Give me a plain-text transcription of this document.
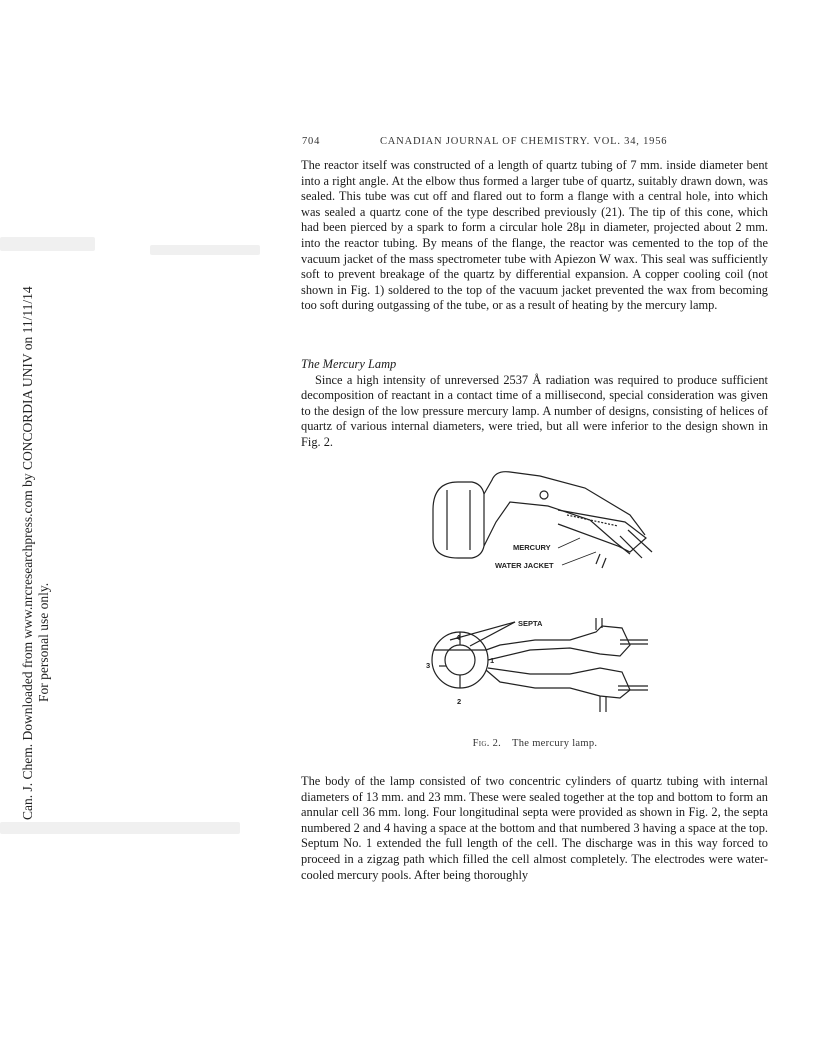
Can. J. Chem. Downloaded from www.nrcresearchpress.com by CONCORDIA UNIV on 11/11/14 For personal use only.
704	CANADIAN JOURNAL OF CHEMISTRY. VOL. 34, 1956

The reactor itself was constructed of a length of quartz tubing of 7 mm. inside diameter bent into a right angle. At the elbow thus formed a larger tube of quartz, suitably drawn down, was sealed. This tube was cut off and flared out to form a flange with a central hole, into which was sealed a quartz cone of the type described previously (21). The tip of this cone, which had been pierced by a spark to form a circular hole 28μ in diameter, projected about 2 mm. into the reactor tubing. By means of the flange, the reactor was cemented to the top of the vacuum jacket of the mass spectrometer tube with Apiezon W wax. This seal was sufficiently soft to prevent breakage of the quartz by differential expansion. A copper cooling coil (not shown in Fig. 1) soldered to the top of the vacuum jacket prevented the wax from becoming too soft during outgassing of the tube, or as a result of heating by the mercury lamp.

The Mercury Lamp

Since a high intensity of unreversed 2537 Å radiation was required to produce sufficient decomposition of reactant in a contact time of a millisecond, special consideration was given to the design of the low pressure mercury lamp. A number of designs, consisting of helices of quartz of various internal diameters, were tried, but all were inferior to the design shown in Fig. 2.

MERCURY
WATER JACKET
SEPTA
4
3
1
2
Fig. 2. The mercury lamp.

The body of the lamp consisted of two concentric cylinders of quartz tubing with internal diameters of 13 mm. and 23 mm. These were sealed together at the top and bottom to form an annular cell 36 mm. long. Four longitudinal septa were provided as shown in Fig. 2, the septa numbered 2 and 4 having a space at the bottom and that numbered 3 having a space at the top. Septum No. 1 extended the full length of the cell. The discharge was in this way forced to proceed in a zigzag path which filled the cell almost completely. The electrodes were water-cooled mercury pools. After being thoroughly
